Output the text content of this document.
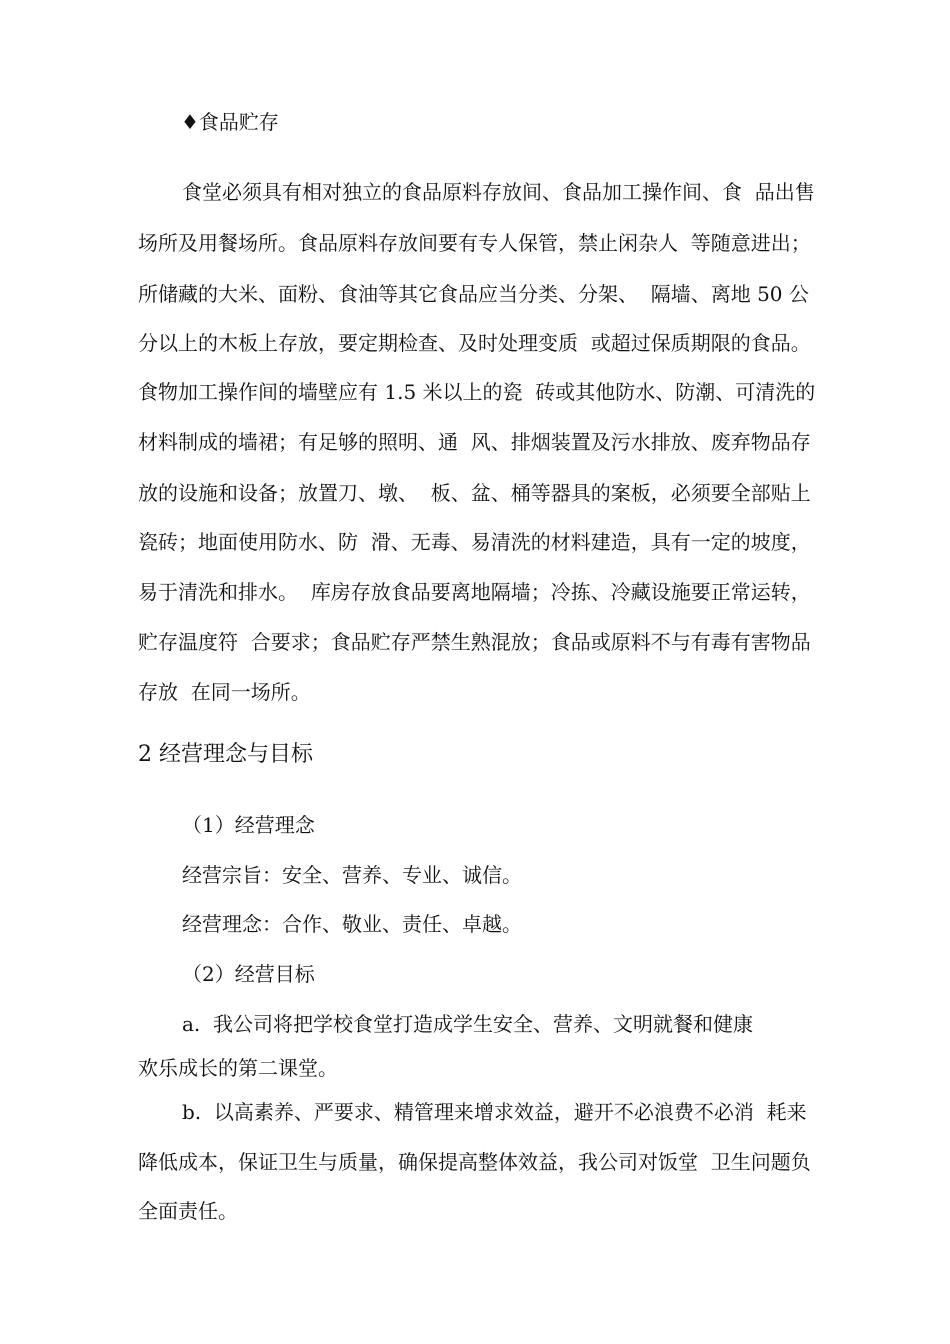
♦食品贮存
食堂必须具有相对独立的食品原料存放间、食品加工操作间、食  品出售
场所及用餐场所。食品原料存放间要有专人保管，禁止闲杂人  等随意进出；
所储藏的大米、面粉、食油等其它食品应当分类、分架、  隔墙、离地 50 公
分以上的木板上存放，要定期检查、及时处理变质  或超过保质期限的食品。
食物加工操作间的墙壁应有 1.5 米以上的瓷  砖或其他防水、防潮、可清洗的
材料制成的墙裙；有足够的照明、通  风、排烟装置及污水排放、废弃物品存
放的设施和设备；放置刀、墩、  板、盆、桶等器具的案板，必须要全部贴上
瓷砖；地面使用防水、防  滑、无毒、易清洗的材料建造，具有一定的坡度，
易于清洗和排水。  库房存放食品要离地隔墙；冷拣、冷藏设施要正常运转，
贮存温度符  合要求；食品贮存严禁生熟混放；食品或原料不与有毒有害物品
存放  在同一场所。
2 经营理念与目标
（1）经营理念
经营宗旨：安全、营养、专业、诚信。
经营理念：合作、敬业、责任、卓越。
（2）经营目标
a.  我公司将把学校食堂打造成学生安全、营养、文明就餐和健康
欢乐成长的第二课堂。
b.  以高素养、严要求、精管理来增求效益，避开不必浪费不必消  耗来
降低成本，保证卫生与质量，确保提高整体效益，我公司对饭堂  卫生问题负
全面责任。
